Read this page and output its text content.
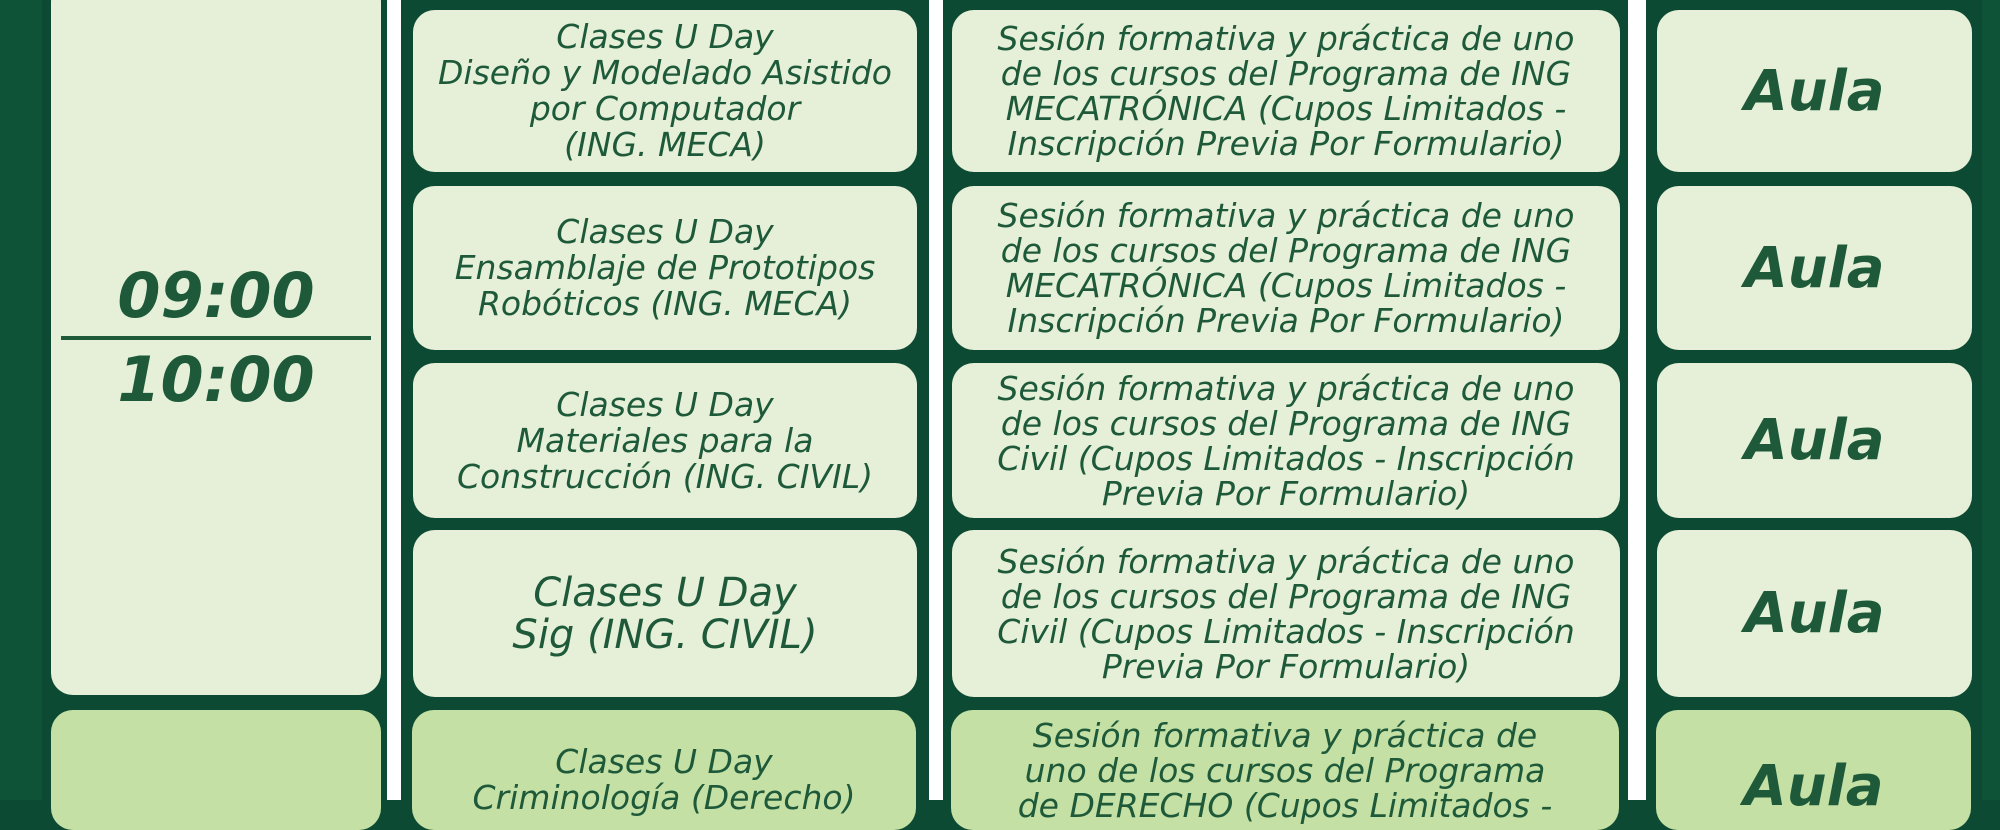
09:00
10:00
Clases U Day
Diseño y Modelado Asistido
por Computador
(ING. MECA)
Sesión formativa y práctica de uno
de los cursos del Programa de ING
MECATRÓNICA (Cupos Limitados -
Inscripción Previa Por Formulario)
Aula
Clases U Day
Ensamblaje de Prototipos
Robóticos (ING. MECA)
Sesión formativa y práctica de uno
de los cursos del Programa de ING
MECATRÓNICA (Cupos Limitados -
Inscripción Previa Por Formulario)
Aula
Clases U Day
Materiales para la
Construcción (ING. CIVIL)
Sesión formativa y práctica de uno
de los cursos del Programa de ING
Civil (Cupos Limitados - Inscripción
Previa Por Formulario)
Aula
Clases U Day
Sig (ING. CIVIL)
Sesión formativa y práctica de uno
de los cursos del Programa de ING
Civil (Cupos Limitados - Inscripción
Previa Por Formulario)
Aula
Clases U Day
Criminología (Derecho)
Sesión formativa y práctica de
uno de los cursos del Programa
de DERECHO (Cupos Limitados -	Aula
